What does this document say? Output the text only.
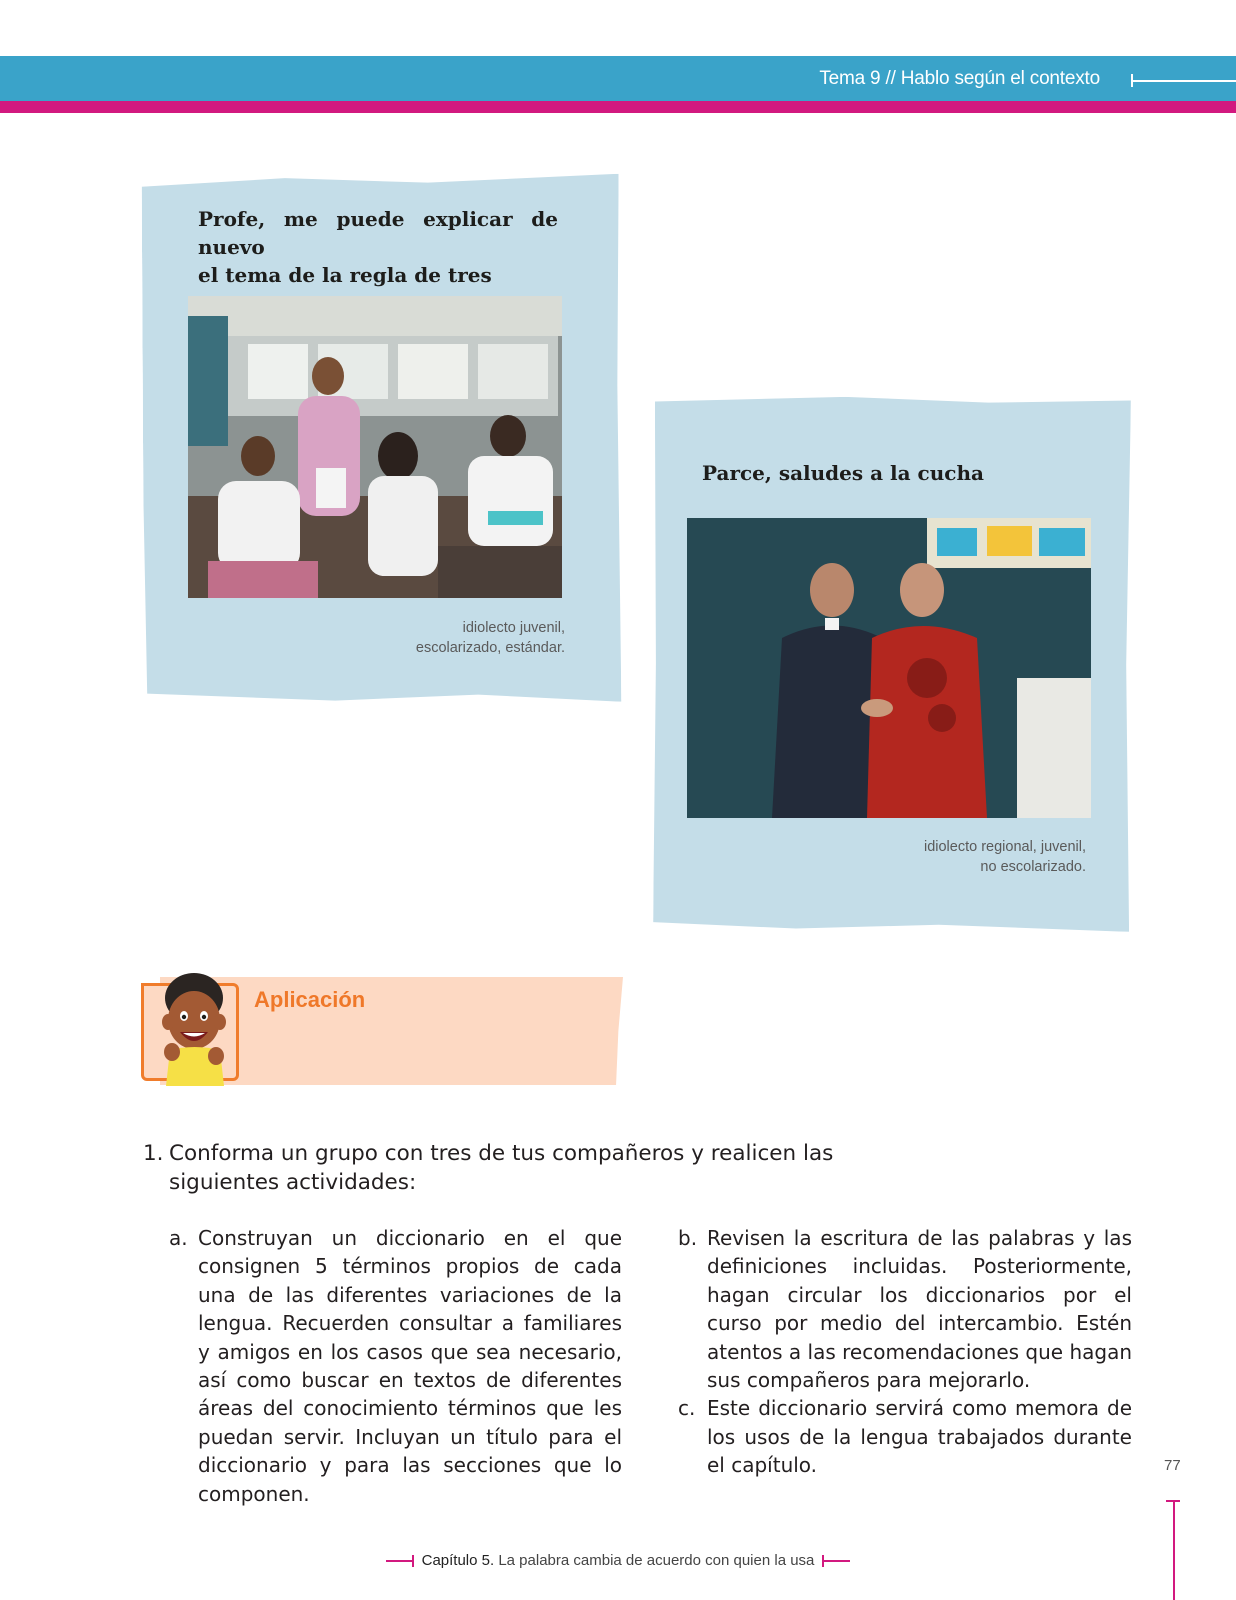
Tema 9 // Hablo según el contexto
Profe, me puede explicar de nuevo
el tema de la regla de tres
idiolecto juvenil,
escolarizado, estándar.
Parce, saludes a la cucha
idiolecto regional, juvenil,
no escolarizado.
Aplicación
1. Conforma un grupo con tres de tus compañeros y realicen las siguientes actividades:

a. Construyan un diccionario en el que consignen 5 términos propios de cada una de las diferentes variaciones de la lengua. Recuerden consultar a familiares y amigos en los casos que sea necesario, así como buscar en textos de diferentes áreas del conocimiento términos que les puedan servir. Incluyan un título para el diccionario y para las secciones que lo componen.

b. Revisen la escritura de las palabras y las definiciones incluidas. Posteriormente, hagan circular los diccionarios por el curso por medio del intercambio. Estén atentos a las recomendaciones que hagan sus compañeros para mejorarlo.

c. Este diccionario servirá como memora de los usos de la lengua trabajados durante el capítulo.	77
Capítulo 5. La palabra cambia de acuerdo con quien la usa
